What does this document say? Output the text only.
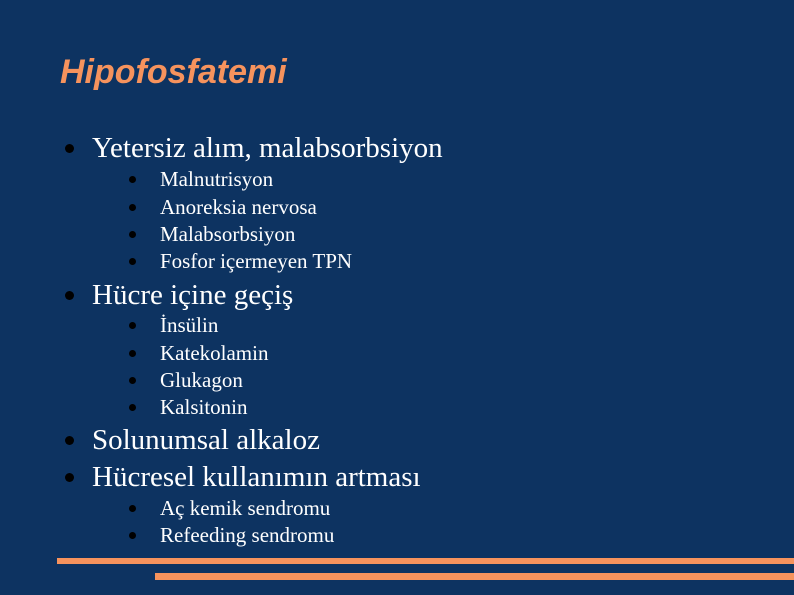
Hipofosfatemi
Yetersiz alım, malabsorbsiyon
Malnutrisyon
Anoreksia nervosa
Malabsorbsiyon
Fosfor içermeyen TPN
Hücre içine geçiş
İnsülin
Katekolamin
Glukagon
Kalsitonin
Solunumsal alkaloz
Hücresel kullanımın artması
Aç kemik sendromu
Refeeding sendromu
